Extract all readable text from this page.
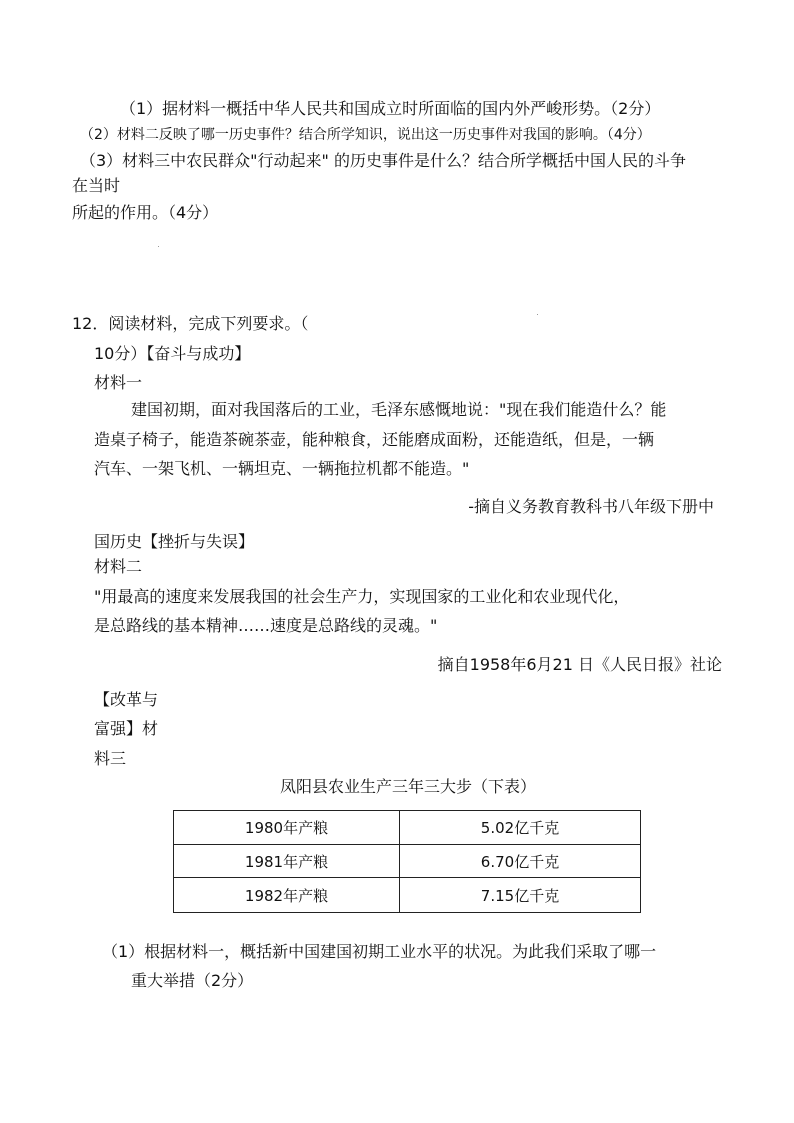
（1）据材料一概括中华人民共和国成立时所面临的国内外严峻形势。（2分）
（2）材料二反映了哪一历史事件？结合所学知识，说出这一历史事件对我国的影响。（4分）
（3）材料三中农民群众"行动起来" 的历史事件是什么？结合所学概括中国人民的斗争
在当时
所起的作用。（4分）
12．阅读材料，完成下列要求。（
10分）【奋斗与成功】
材料一
建国初期，面对我国落后的工业，毛泽东感慨地说："现在我们能造什么？能
造桌子椅子，能造茶碗茶壶，能种粮食，还能磨成面粉，还能造纸，但是，一辆
汽车、一架飞机、一辆坦克、一辆拖拉机都不能造。"
-摘自义务教育教科书八年级下册中
国历史【挫折与失误】
材料二
"用最高的速度来发展我国的社会生产力，实现国家的工业化和农业现代化，
是总路线的基本精神……速度是总路线的灵魂。"
摘自1958年6月21 日《人民日报》社论
【改革与
富强】材
料三
凤阳县农业生产三年三大步（下表）
1980年产粮	5.02亿千克
1981年产粮	6.70亿千克
1982年产粮	7.15亿千克
（1）根据材料一，概括新中国建国初期工业水平的状况。为此我们采取了哪一
重大举措（2分）
